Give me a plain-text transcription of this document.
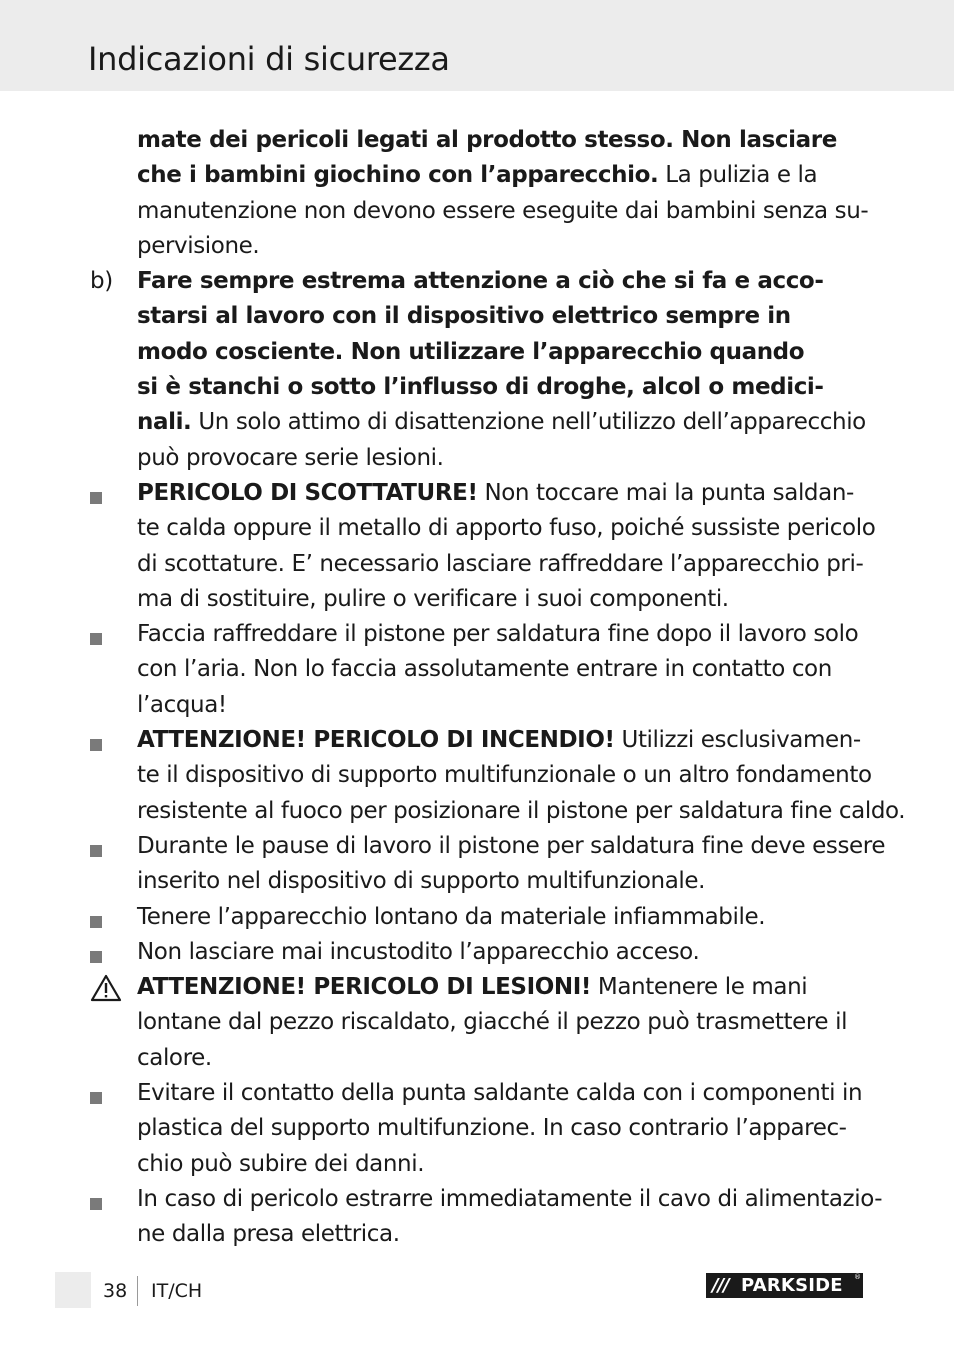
Indicazioni di sicurezza
mate dei pericoli legati al prodotto stesso. Non lasciare
che i bambini giochino con l’apparecchio. La pulizia e la
manutenzione non devono essere eseguite dai bambini senza su-
pervisione.
b)	Fare sempre estrema attenzione a ciò che si fa e acco-
starsi al lavoro con il dispositivo elettrico sempre in
modo cosciente. Non utilizzare l’apparecchio quando
si è stanchi o sotto l’influsso di droghe, alcol o medici-
nali. Un solo attimo di disattenzione nell’utilizzo dell’apparecchio
può provocare serie lesioni.
PERICOLO DI SCOTTATURE! Non toccare mai la punta saldan-
te calda oppure il metallo di apporto fuso, poiché sussiste pericolo
di scottature. E’ necessario lasciare raffreddare l’apparecchio pri-
ma di sostituire, pulire o verificare i suoi componenti.
Faccia raffreddare il pistone per saldatura fine dopo il lavoro solo
con l’aria. Non lo faccia assolutamente entrare in contatto con
l’acqua!
ATTENZIONE! PERICOLO DI INCENDIO! Utilizzi esclusivamen-
te il dispositivo di supporto multifunzionale o un altro fondamento
resistente al fuoco per posizionare il pistone per saldatura fine caldo.
Durante le pause di lavoro il pistone per saldatura fine deve essere
inserito nel dispositivo di supporto multifunzionale.
Tenere l’apparecchio lontano da materiale infiammabile.
Non lasciare mai incustodito l’apparecchio acceso.
ATTENZIONE! PERICOLO DI LESIONI! Mantenere le mani
lontane dal pezzo riscaldato, giacché il pezzo può trasmettere il
calore.
Evitare il contatto della punta saldante calda con i componenti in
plastica del supporto multifunzione. In caso contrario l’apparec-
chio può subire dei danni.
In caso di pericolo estrarre immediatamente il cavo di alimentazio-
ne dalla presa elettrica.
38 IT/CH	/// PARKSIDE ®
